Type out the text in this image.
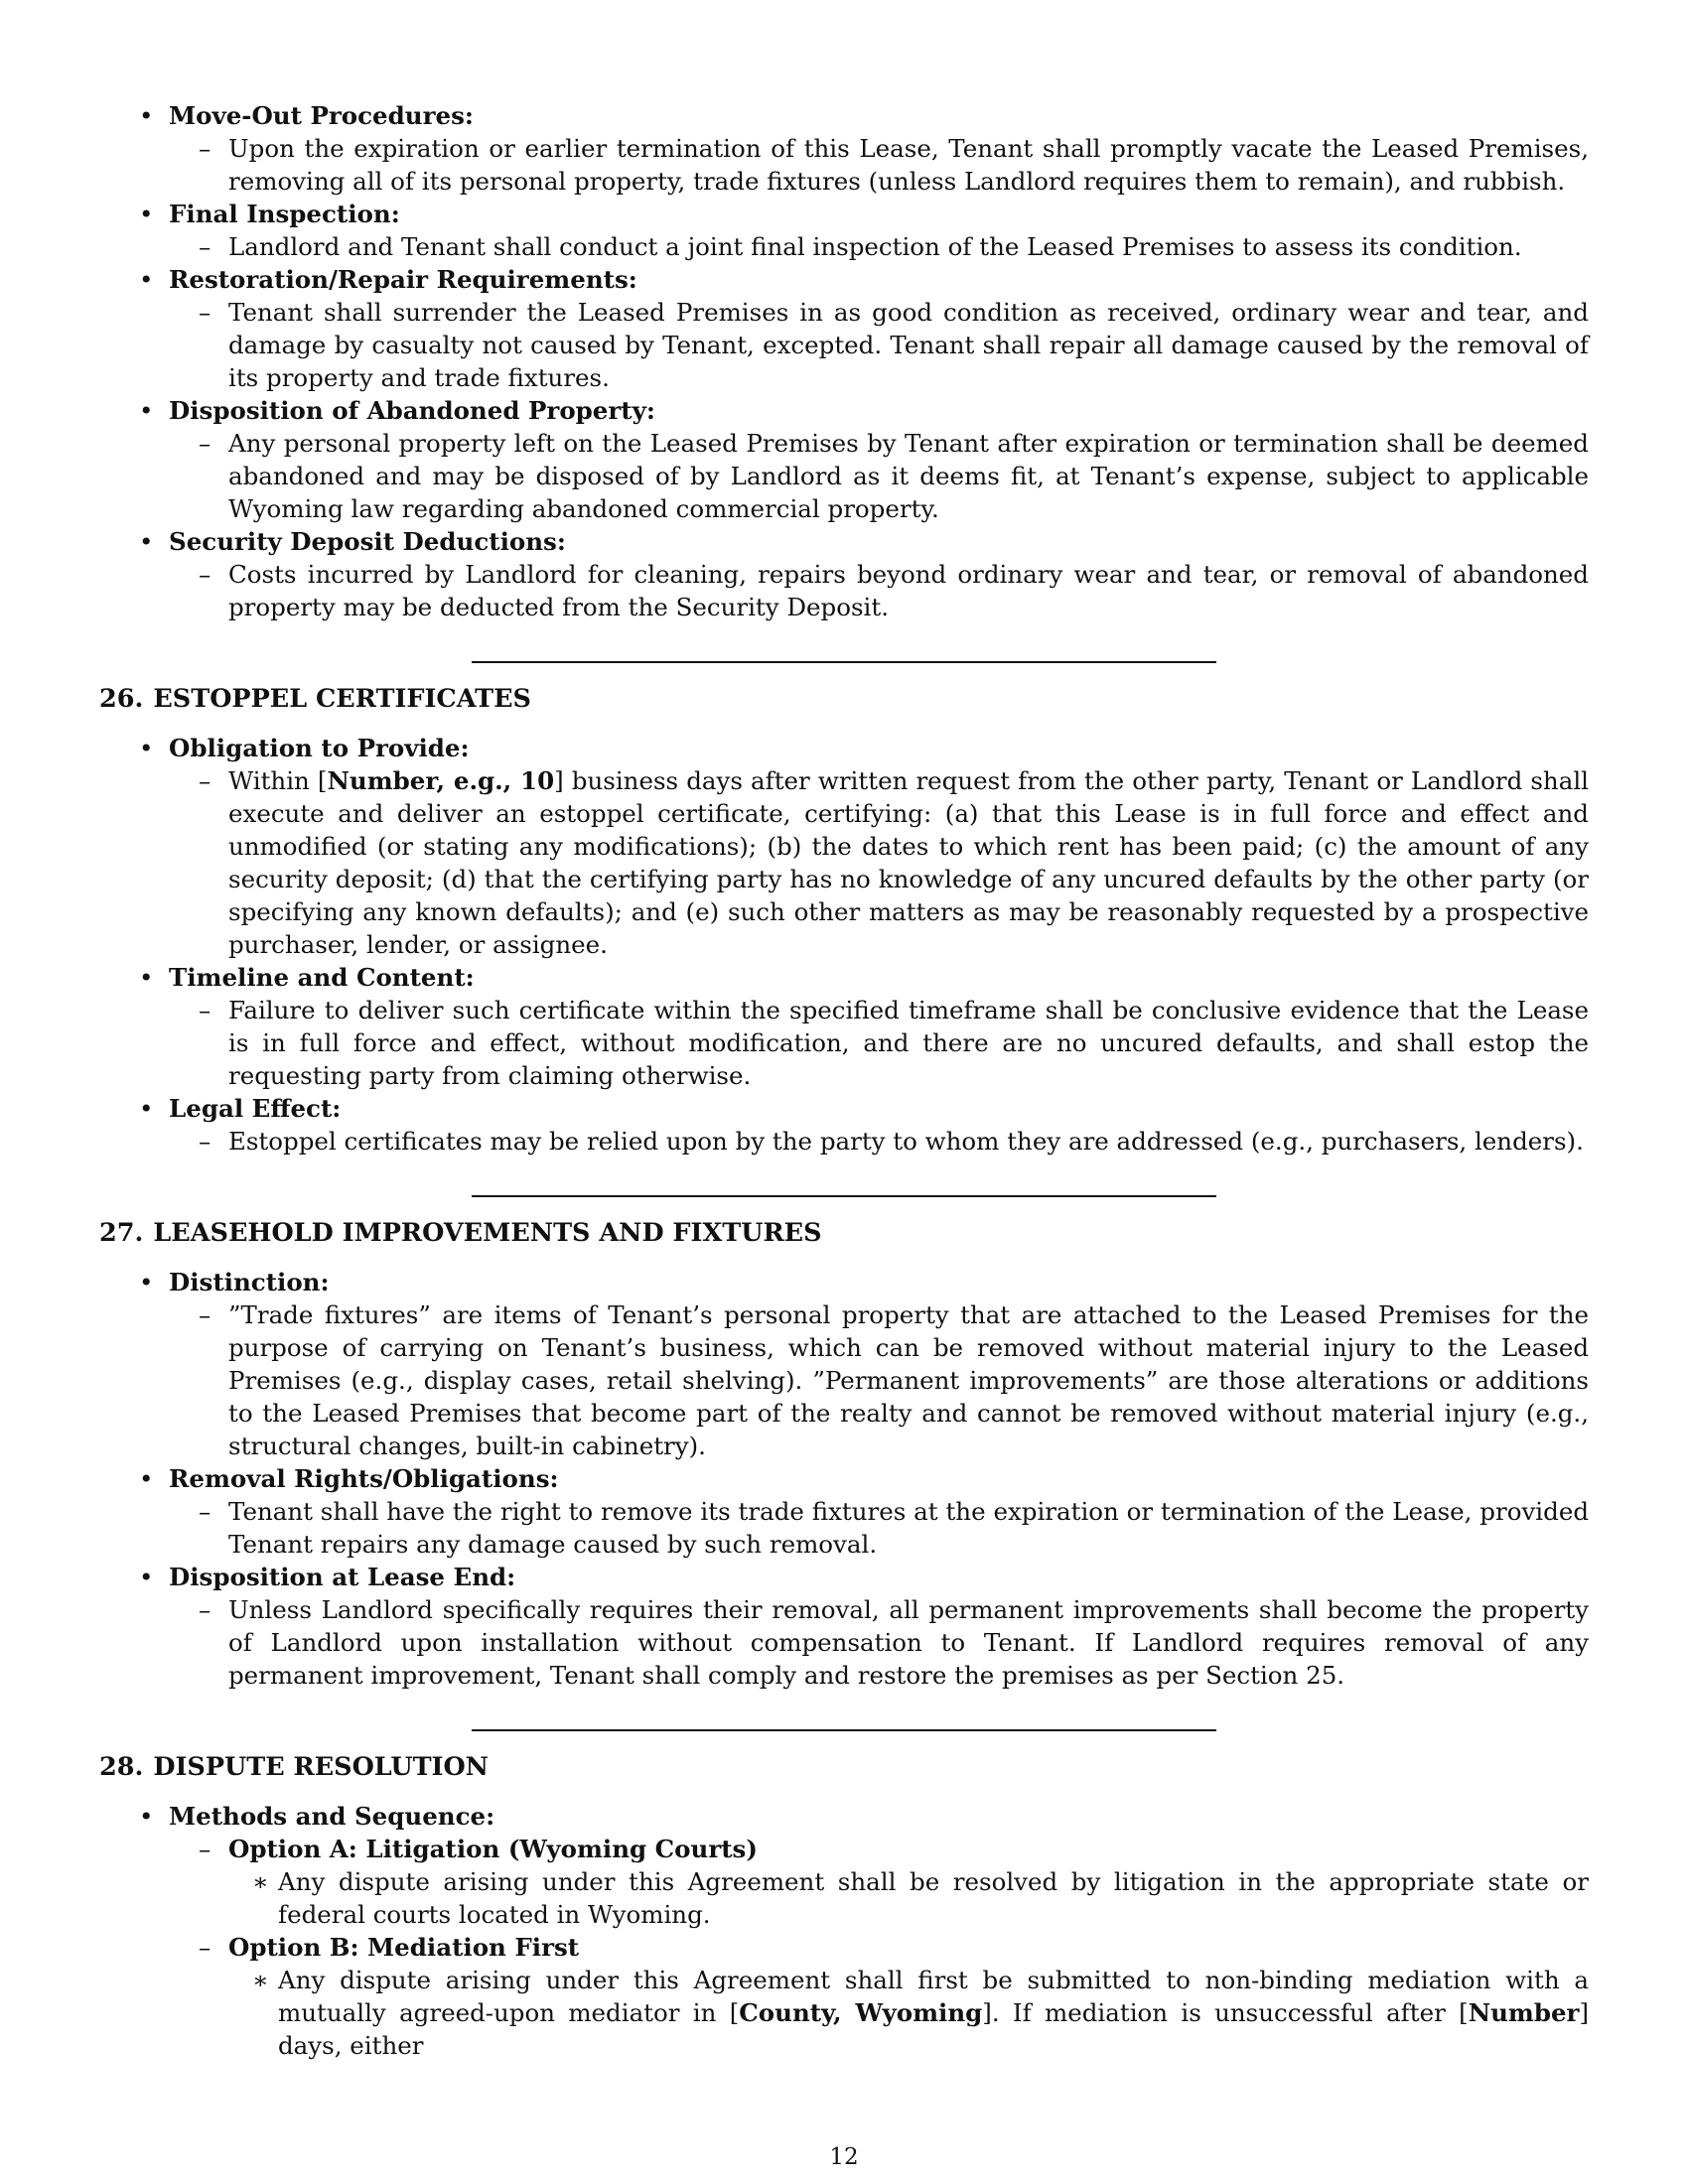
• Move-Out Procedures:
– Upon the expiration or earlier termination of this Lease, Tenant shall promptly vacate the Leased Premises, removing all of its personal property, trade fixtures (unless Landlord requires them to remain), and rubbish.
• Final Inspection:
– Landlord and Tenant shall conduct a joint final inspection of the Leased Premises to assess its condition.
• Restoration/Repair Requirements:
– Tenant shall surrender the Leased Premises in as good condition as received, ordinary wear and tear, and damage by casualty not caused by Tenant, excepted. Tenant shall repair all damage caused by the removal of its property and trade fixtures.
• Disposition of Abandoned Property:
– Any personal property left on the Leased Premises by Tenant after expiration or termination shall be deemed abandoned and may be disposed of by Landlord as it deems fit, at Tenant’s expense, subject to applicable Wyoming law regarding abandoned commercial property.
• Security Deposit Deductions:
– Costs incurred by Landlord for cleaning, repairs beyond ordinary wear and tear, or removal of abandoned property may be deducted from the Security Deposit.
26. ESTOPPEL CERTIFICATES
• Obligation to Provide:
– Within [Number, e.g., 10] business days after written request from the other party, Tenant or Landlord shall execute and deliver an estoppel certificate, certifying: (a) that this Lease is in full force and effect and unmodified (or stating any modifications); (b) the dates to which rent has been paid; (c) the amount of any security deposit; (d) that the certifying party has no knowledge of any uncured defaults by the other party (or specifying any known defaults); and (e) such other matters as may be reasonably requested by a prospective purchaser, lender, or assignee.
• Timeline and Content:
– Failure to deliver such certificate within the specified timeframe shall be conclusive evidence that the Lease is in full force and effect, without modification, and there are no uncured defaults, and shall estop the requesting party from claiming otherwise.
• Legal Effect:
– Estoppel certificates may be relied upon by the party to whom they are addressed (e.g., purchasers, lenders).
27. LEASEHOLD IMPROVEMENTS AND FIXTURES
• Distinction:
– ”Trade fixtures” are items of Tenant’s personal property that are attached to the Leased Premises for the purpose of carrying on Tenant’s business, which can be removed without material injury to the Leased Premises (e.g., display cases, retail shelving). ”Permanent improvements” are those alterations or additions to the Leased Premises that become part of the realty and cannot be removed without material injury (e.g., structural changes, built-in cabinetry).
• Removal Rights/Obligations:
– Tenant shall have the right to remove its trade fixtures at the expiration or termination of the Lease, provided Tenant repairs any damage caused by such removal.
• Disposition at Lease End:
– Unless Landlord specifically requires their removal, all permanent improvements shall become the property of Landlord upon installation without compensation to Tenant. If Landlord requires removal of any permanent improvement, Tenant shall comply and restore the premises as per Section 25.
28. DISPUTE RESOLUTION
• Methods and Sequence:
– Option A: Litigation (Wyoming Courts)
∗ Any dispute arising under this Agreement shall be resolved by litigation in the appropriate state or federal courts located in Wyoming.
– Option B: Mediation First
∗ Any dispute arising under this Agreement shall first be submitted to non-binding mediation with a mutually agreed-upon mediator in [County, Wyoming]. If mediation is unsuccessful after [Number] days, either
12
